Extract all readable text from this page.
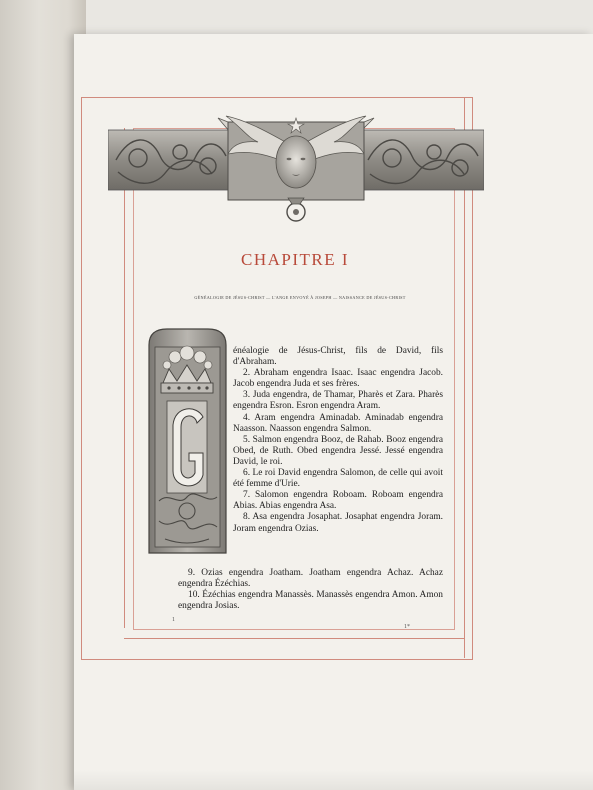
CHAPITRE I
GÉNÉALOGIE DE JÉSUS-CHRIST — L'ANGE ENVOYÉ À JOSEPH — NAISSANCE DE JÉSUS-CHRIST

énéalogie de Jésus-Christ, fils de David, fils d'Abraham.

2. Abraham engendra Isaac. Isaac engendra Jacob. Jacob engendra Juda et ses frères.

3. Juda engendra, de Thamar, Pharès et Zara. Pharès engendra Esron. Esron engendra Aram.

4. Aram engendra Aminadab. Aminadab engendra Naasson. Naasson engendra Salmon.

5. Salmon engendra Booz, de Rahab. Booz engendra Obed, de Ruth. Obed engendra Jessé. Jessé engendra David, le roi.

6. Le roi David engendra Salomon, de celle qui avoit été femme d'Urie.

7. Salomon engendra Roboam. Roboam engendra Abias. Abias engendra Asa.

8. Asa engendra Josaphat. Josaphat engendra Joram. Joram engendra Ozias.

9. Ozias engendra Joatham. Joatham engendra Achaz. Achaz engendra Ézéchias.

10. Ézéchias engendra Manassès. Manassès engendra Amon. Amon engendra Josias.

1
1*
